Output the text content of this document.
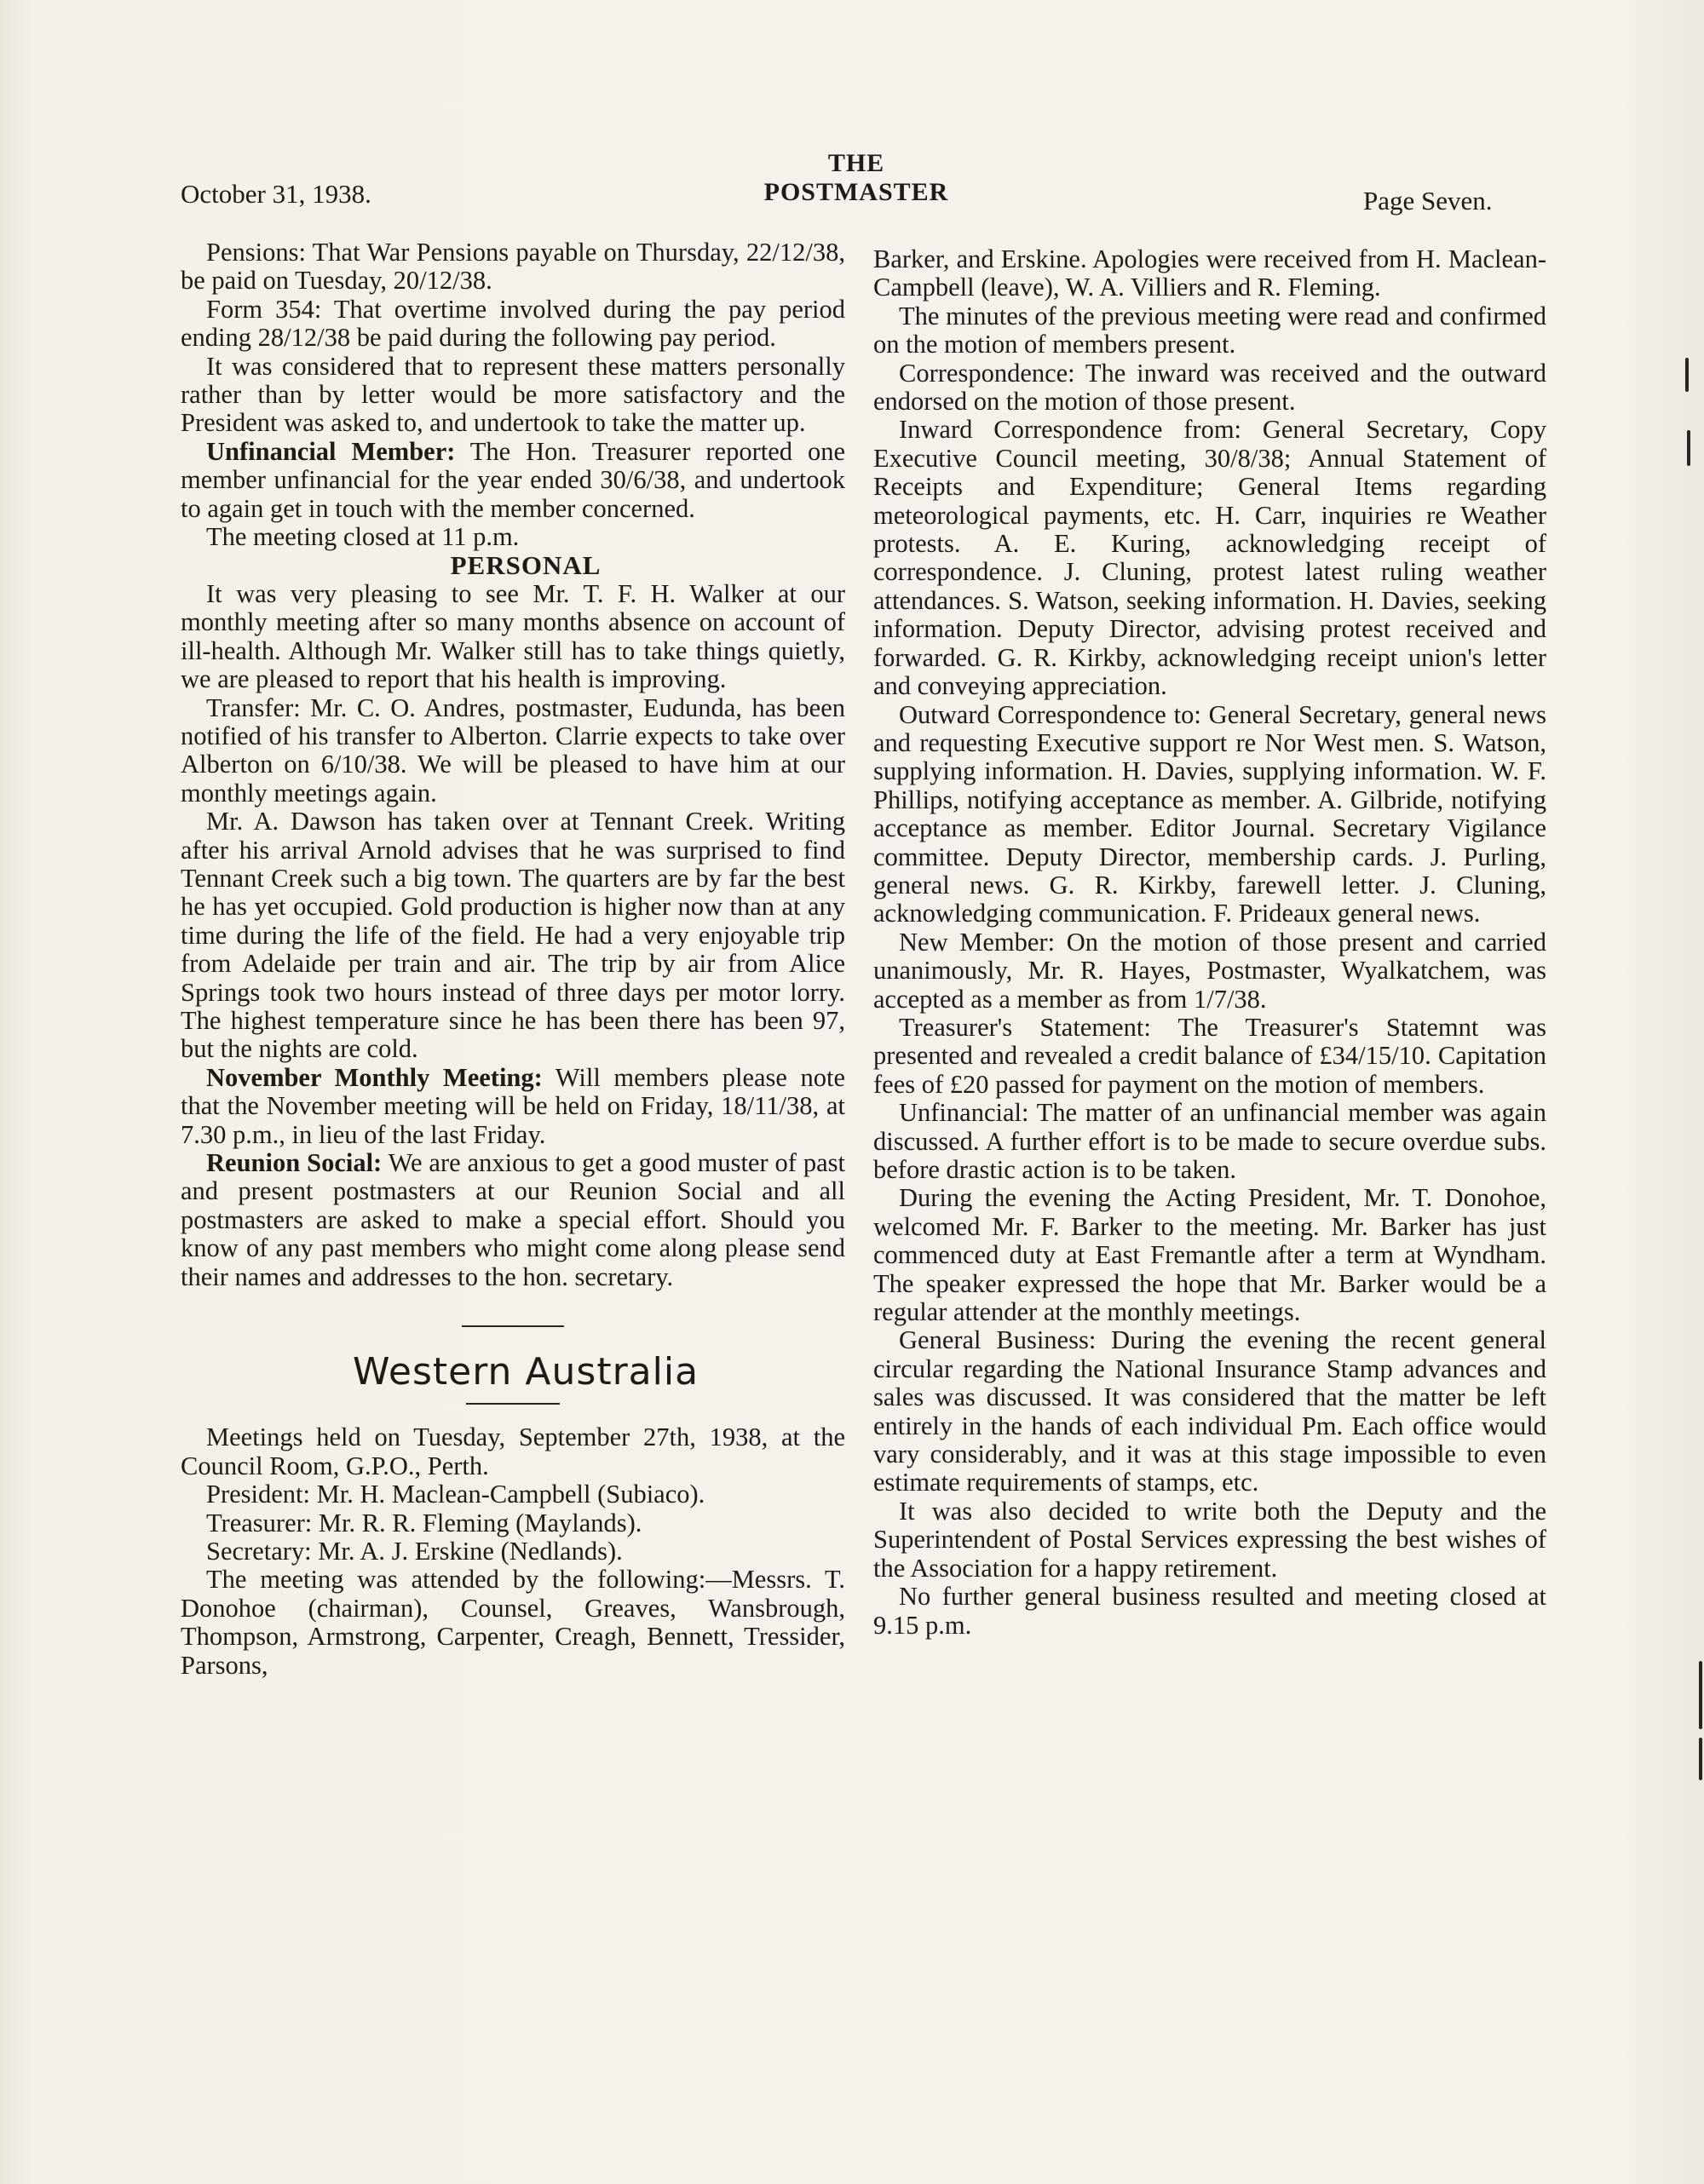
THE
POSTMASTER
October 31, 1938.	Page Seven.

Pensions: That War Pensions payable on Thursday, 22/12/38, be paid on Tuesday, 20/12/38.

Form 354: That overtime involved during the pay period ending 28/12/38 be paid during the following pay period.

It was considered that to represent these matters personally rather than by letter would be more satisfactory and the President was asked to, and undertook to take the matter up.

Unfinancial Member: The Hon. Treasurer reported one member unfinancial for the year ended 30/6/38, and undertook to again get in touch with the member concerned.

The meeting closed at 11 p.m.

PERSONAL

It was very pleasing to see Mr. T. F. H. Walker at our monthly meeting after so many months absence on account of ill-health. Although Mr. Walker still has to take things quietly, we are pleased to report that his health is improving.

Transfer: Mr. C. O. Andres, postmaster, Eudunda, has been notified of his transfer to Alberton. Clarrie expects to take over Alberton on 6/10/38. We will be pleased to have him at our monthly meetings again.

Mr. A. Dawson has taken over at Tennant Creek. Writing after his arrival Arnold advises that he was surprised to find Tennant Creek such a big town. The quarters are by far the best he has yet occupied. Gold production is higher now than at any time during the life of the field. He had a very enjoyable trip from Adelaide per train and air. The trip by air from Alice Springs took two hours instead of three days per motor lorry. The highest temperature since he has been there has been 97, but the nights are cold.

November Monthly Meeting: Will members please note that the November meeting will be held on Friday, 18/11/38, at 7.30 p.m., in lieu of the last Friday.

Reunion Social: We are anxious to get a good muster of past and present postmasters at our Reunion Social and all postmasters are asked to make a special effort. Should you know of any past members who might come along please send their names and addresses to the hon. secretary.

Western Australia

Meetings held on Tuesday, September 27th, 1938, at the Council Room, G.P.O., Perth.

President: Mr. H. Maclean-Campbell (Subiaco).

Treasurer: Mr. R. R. Fleming (Maylands).

Secretary: Mr. A. J. Erskine (Nedlands).

The meeting was attended by the following:—Messrs. T. Donohoe (chairman), Counsel, Greaves, Wansbrough, Thompson, Armstrong, Carpenter, Creagh, Bennett, Tressider, Parsons,

Barker, and Erskine. Apologies were received from H. Maclean-Campbell (leave), W. A. Villiers and R. Fleming.

The minutes of the previous meeting were read and confirmed on the motion of members present.

Correspondence: The inward was received and the outward endorsed on the motion of those present.

Inward Correspondence from: General Secretary, Copy Executive Council meeting, 30/8/38; Annual Statement of Receipts and Expenditure; General Items regarding meteorological payments, etc. H. Carr, inquiries re Weather protests. A. E. Kuring, acknowledging receipt of correspondence. J. Cluning, protest latest ruling weather attendances. S. Watson, seeking information. H. Davies, seeking information. Deputy Director, advising protest received and forwarded. G. R. Kirkby, acknowledging receipt union's letter and conveying appreciation.

Outward Correspondence to: General Secretary, general news and requesting Executive support re Nor West men. S. Watson, supplying information. H. Davies, supplying information. W. F. Phillips, notifying acceptance as member. A. Gilbride, notifying acceptance as member. Editor Journal. Secretary Vigilance committee. Deputy Director, membership cards. J. Purling, general news. G. R. Kirkby, farewell letter. J. Cluning, acknowledging communication. F. Prideaux general news.

New Member: On the motion of those present and carried unanimously, Mr. R. Hayes, Postmaster, Wyalkatchem, was accepted as a member as from 1/7/38.

Treasurer's Statement: The Treasurer's Statemnt was presented and revealed a credit balance of £34/15/10. Capitation fees of £20 passed for payment on the motion of members.

Unfinancial: The matter of an unfinancial member was again discussed. A further effort is to be made to secure overdue subs. before drastic action is to be taken.

During the evening the Acting President, Mr. T. Donohoe, welcomed Mr. F. Barker to the meeting. Mr. Barker has just commenced duty at East Fremantle after a term at Wyndham. The speaker expressed the hope that Mr. Barker would be a regular attender at the monthly meetings.

General Business: During the evening the recent general circular regarding the National Insurance Stamp advances and sales was discussed. It was considered that the matter be left entirely in the hands of each individual Pm. Each office would vary considerably, and it was at this stage impossible to even estimate requirements of stamps, etc.

It was also decided to write both the Deputy and the Superintendent of Postal Services expressing the best wishes of the Association for a happy retirement.

No further general business resulted and meeting closed at 9.15 p.m.
